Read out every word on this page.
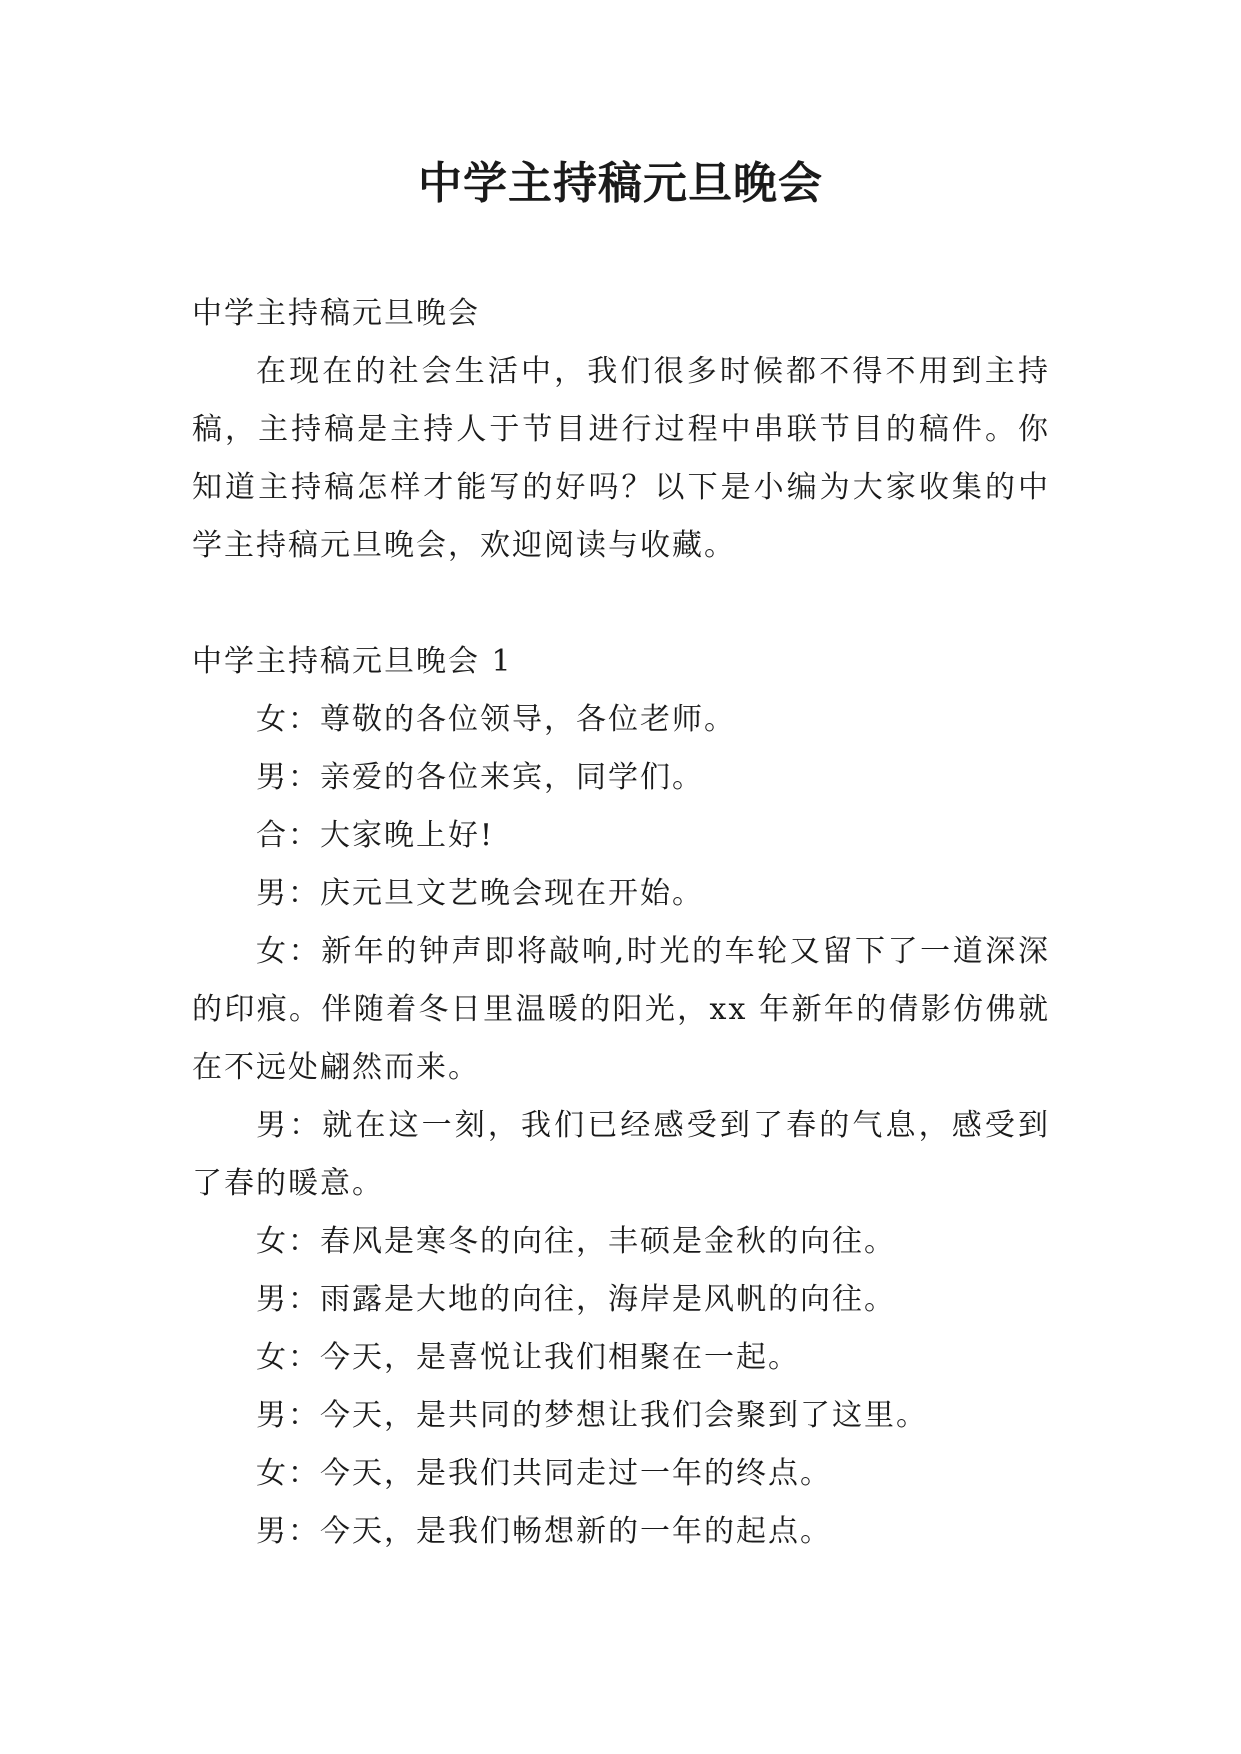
中学主持稿元旦晚会

中学主持稿元旦晚会

在现在的社会生活中，我们很多时候都不得不用到主持稿，主持稿是主持人于节目进行过程中串联节目的稿件。你知道主持稿怎样才能写的好吗？以下是小编为大家收集的中学主持稿元旦晚会，欢迎阅读与收藏。

中学主持稿元旦晚会 1

女：尊敬的各位领导，各位老师。

男：亲爱的各位来宾，同学们。

合：大家晚上好!

男：庆元旦文艺晚会现在开始。

女：新年的钟声即将敲响,时光的车轮又留下了一道深深的印痕。伴随着冬日里温暖的阳光，xx 年新年的倩影仿佛就在不远处翩然而来。

男：就在这一刻，我们已经感受到了春的气息，感受到了春的暖意。

女：春风是寒冬的向往，丰硕是金秋的向往。

男：雨露是大地的向往，海岸是风帆的向往。

女：今天，是喜悦让我们相聚在一起。

男：今天，是共同的梦想让我们会聚到了这里。

女：今天，是我们共同走过一年的终点。

男：今天，是我们畅想新的一年的起点。
